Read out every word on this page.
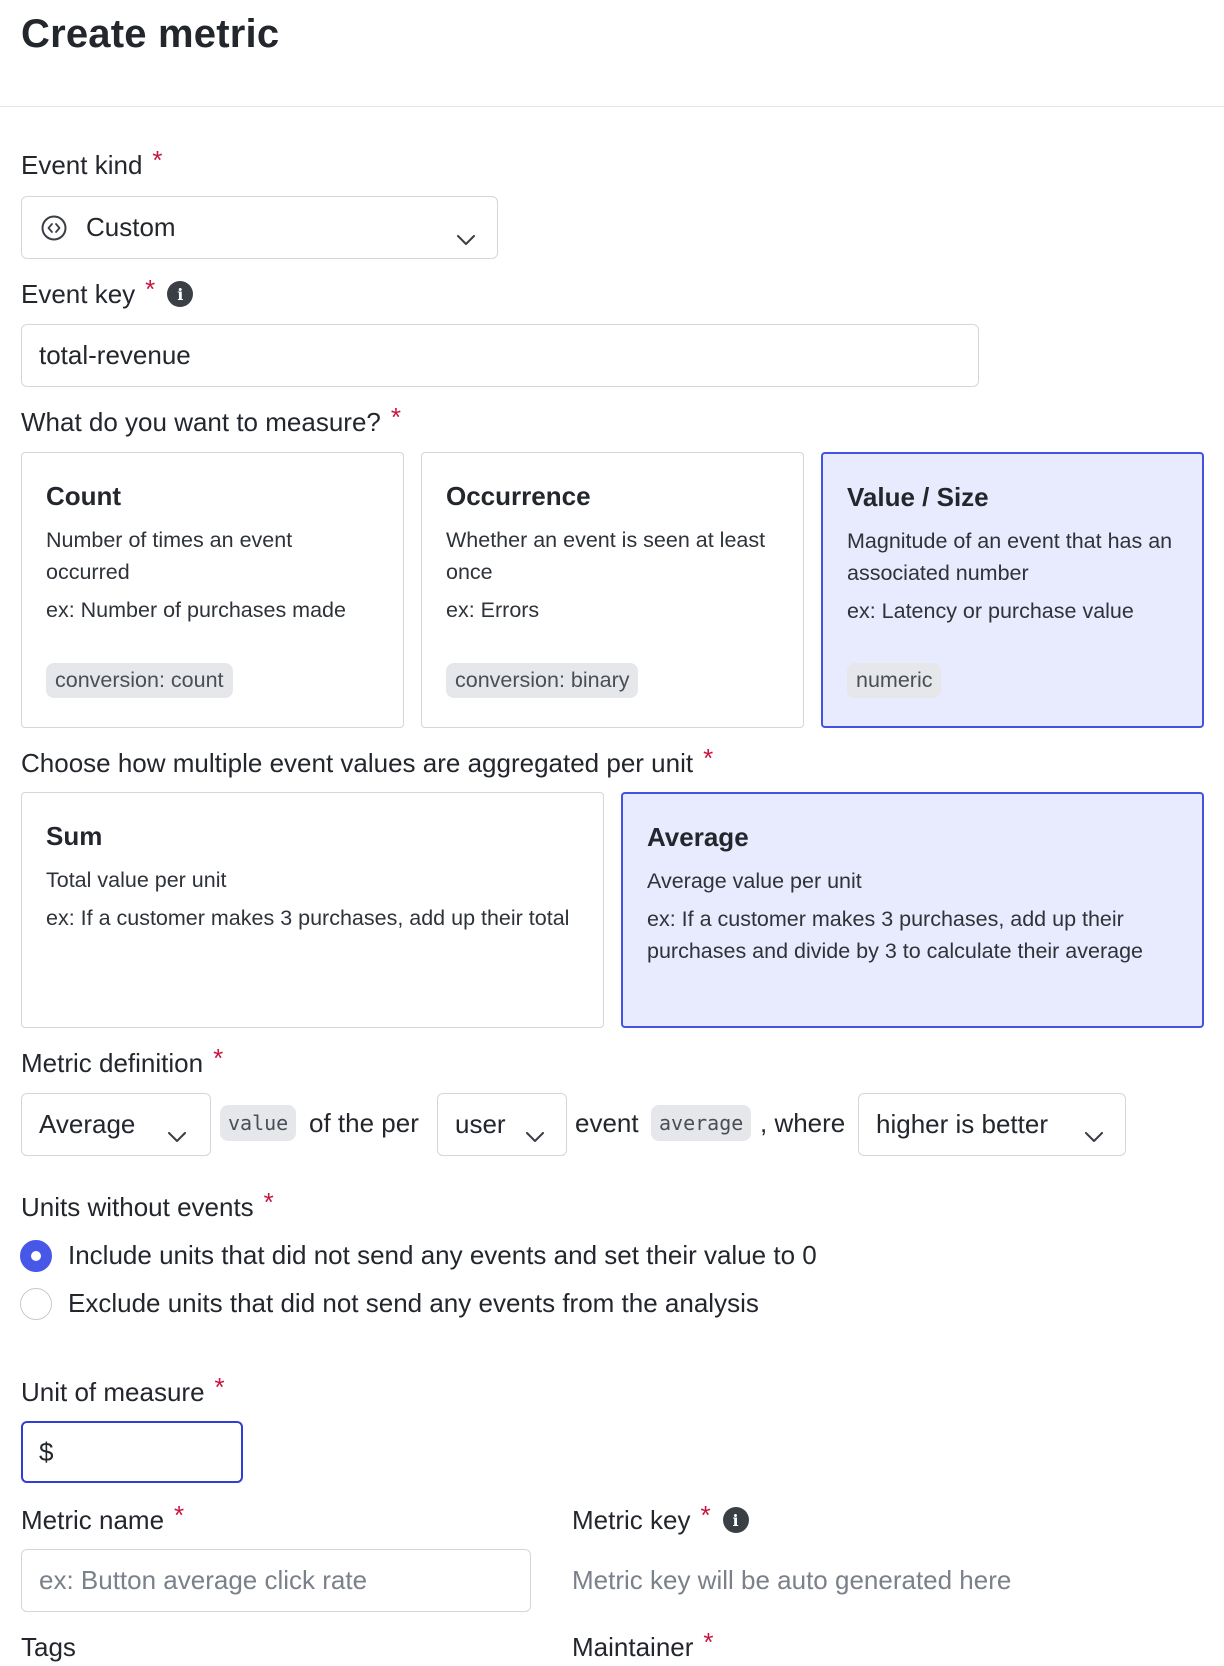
Create metric
Event kind *
Custom
Event key *	i
total-revenue
What do you want to measure? *
Count
Number of times an event occurred
ex: Number of purchases made
conversion: count
Occurrence
Whether an event is seen at least once
ex: Errors
conversion: binary
Value / Size
Magnitude of an event that has an associated number
ex: Latency or purchase value
numeric
Choose how multiple event values are aggregated per unit *
Sum
Total value per unit
ex: If a customer makes 3 purchases, add up their total
Average
Average value per unit
ex: If a customer makes 3 purchases, add up their purchases and divide by 3 to calculate their average
Metric definition *
Average	value of the per user	event	average , where higher is better
Units without events *
Include units that did not send any events and set their value to 0
Exclude units that did not send any events from the analysis
Unit of measure *
$
Metric name *
ex: Button average click rate
Metric key *	i
Metric key will be auto generated here
Tags	Maintainer *
